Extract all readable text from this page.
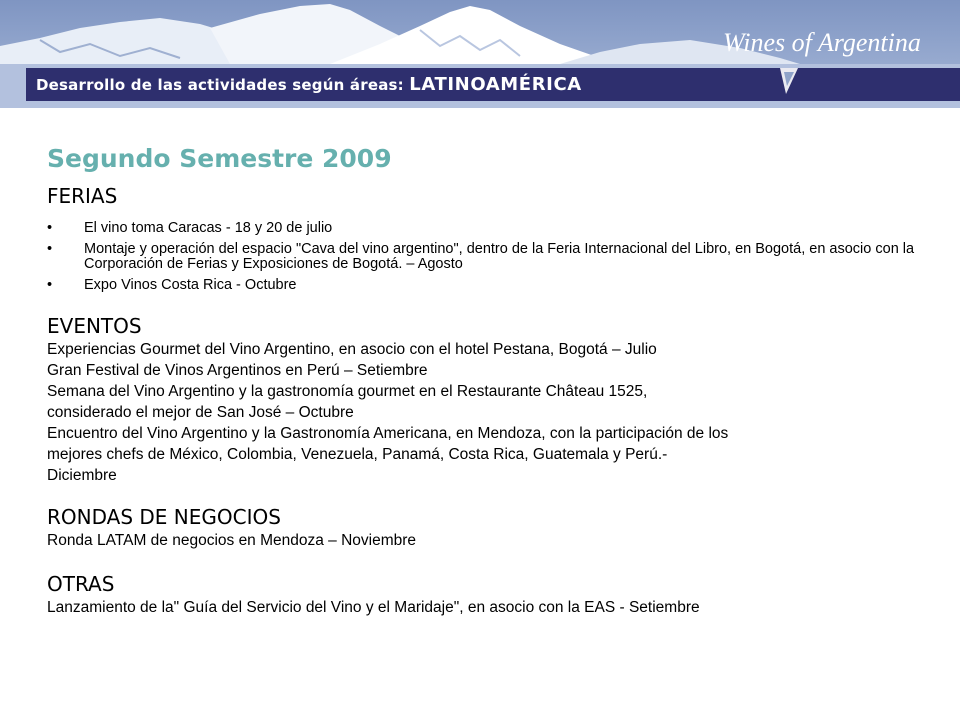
Desarrollo de las actividades según áreas: LATINOAMÉRICA
Wines of Argentina
Segundo Semestre 2009
FERIAS
• El vino toma Caracas - 18 y 20 de julio
• Montaje y operación del espacio "Cava del vino argentino", dentro de la Feria Internacional del Libro, en Bogotá, en asocio con la Corporación de Ferias y Exposiciones de Bogotá. – Agosto
• Expo Vinos Costa Rica - Octubre
EVENTOS
Experiencias Gourmet del Vino Argentino, en asocio con el hotel Pestana, Bogotá – Julio
Gran Festival de Vinos Argentinos en Perú – Setiembre
Semana del Vino Argentino y la gastronomía gourmet en el Restaurante Château 1525,
considerado el mejor de San José – Octubre
Encuentro del Vino Argentino y la Gastronomía Americana, en Mendoza, con la participación de los
mejores chefs de México, Colombia, Venezuela, Panamá, Costa Rica, Guatemala y Perú.-
Diciembre
RONDAS DE NEGOCIOS
Ronda LATAM de negocios en Mendoza – Noviembre
OTRAS
Lanzamiento de la" Guía del Servicio del Vino y el Maridaje", en asocio con la EAS - Setiembre
